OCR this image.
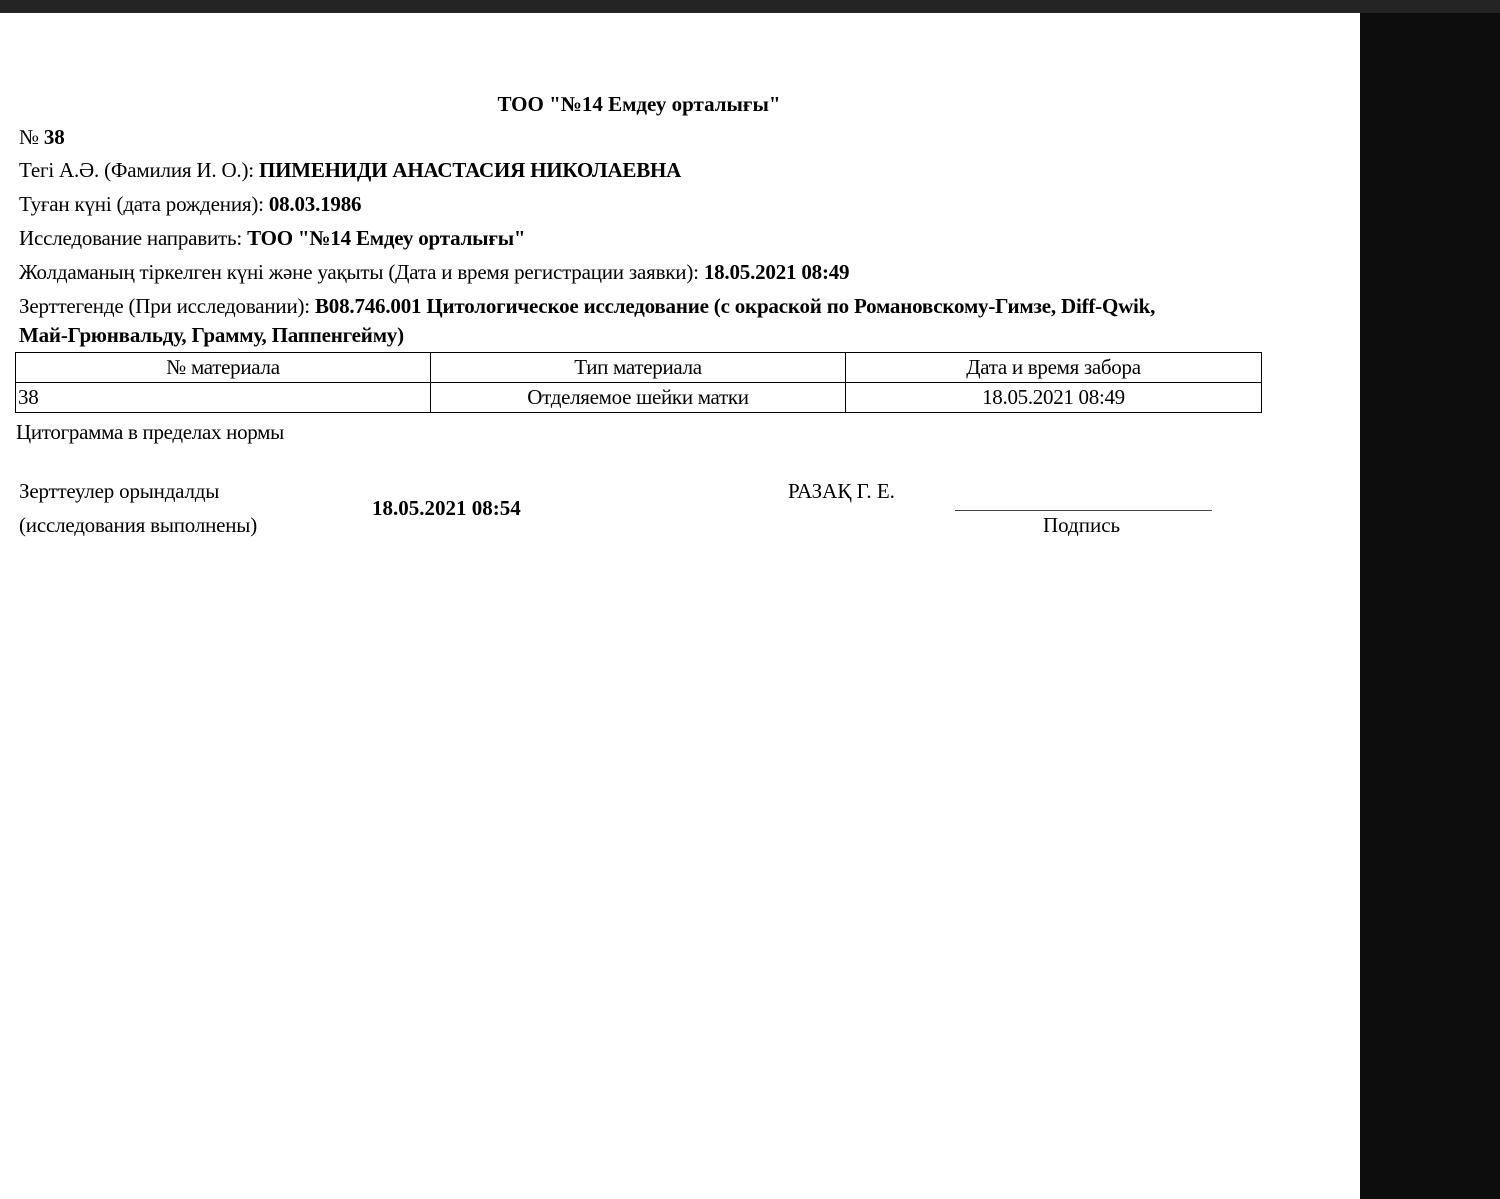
ТОО "№14 Емдеу орталығы"
№ 38
Тегі А.Ә. (Фамилия И. О.): ПИМЕНИДИ АНАСТАСИЯ НИКОЛАЕВНА
Туған күні (дата рождения): 08.03.1986
Исследование направить: ТОО "№14 Емдеу орталығы"
Жолдаманың тіркелген күні және уақыты (Дата и время регистрации заявки): 18.05.2021 08:49
Зерттегенде (При исследовании): B08.746.001 Цитологическое исследование (с окраской по Романовскому-Гимзе, Diff-Qwik,
Май-Грюнвальду, Грамму, Паппенгейму)
№ материала	Тип материала	Дата и время забора
38	Отделяемое шейки матки	18.05.2021 08:49
Цитограмма в пределах нормы
Зерттеулер орындалды
(исследования выполнены)
18.05.2021 08:54
РАЗАҚ Г. Е.
Подпись
